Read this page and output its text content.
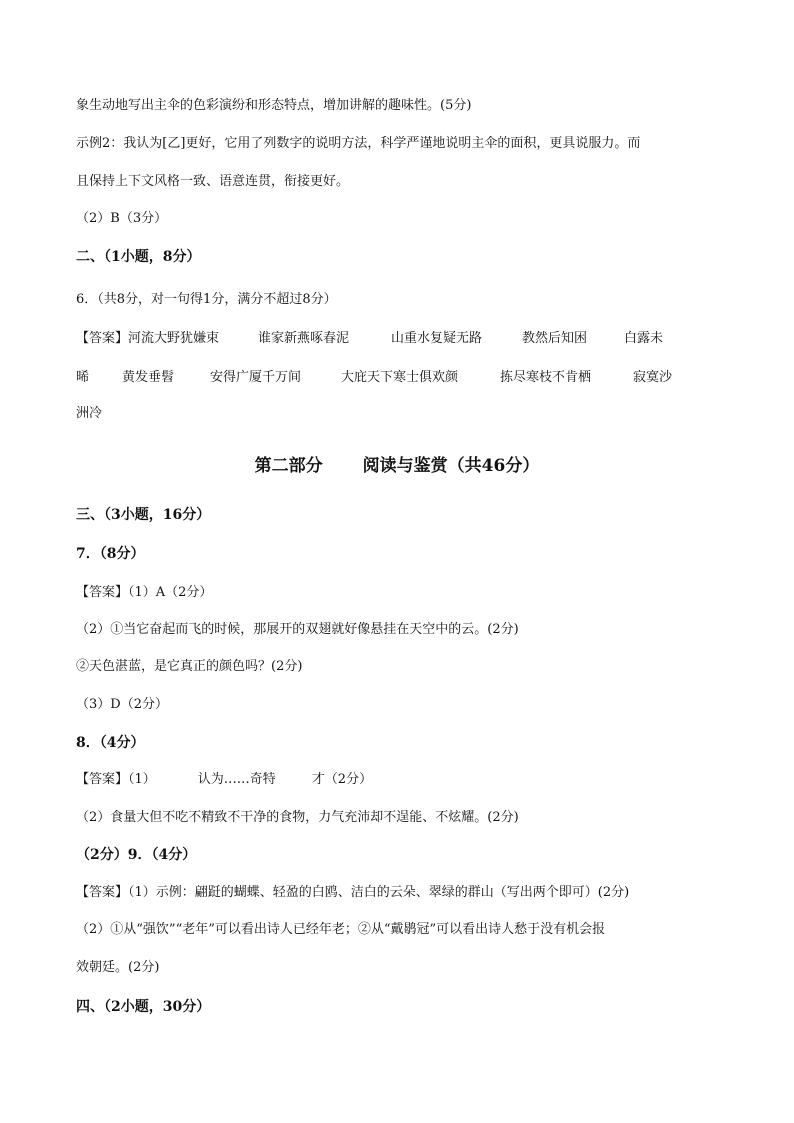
象生动地写出主伞的色彩演纷和形态特点，增加讲解的趣味性。(5分)
示例2：我认为[乙]更好，它用了列数字的说明方法，科学严谨地说明主伞的面积，更具说服力。而
且保持上下文风格一致、语意连贯，衔接更好。
（2）B（3分）
二、（1小题，8分）
6．（共8分，对一句得1分，满分不超过8分）
【答案】河流大野犹嫌束	谁家新燕啄春泥	山重水复疑无路	教然后知困	白露未
晞	黄发垂髫	安得广厦千万间	大庇天下寒士俱欢颜	拣尽寒枝不肯栖	寂寞沙
洲冷
第二部分 阅读与鉴赏（共46分）
三、（3小题，16分）
7．（8分）
【答案】（1）A（2分）
（2）①当它奋起而飞的时候，那展开的双翅就好像悬挂在天空中的云。(2分)
②天色湛蓝，是它真正的颜色吗？(2分)
（3）D（2分）
8．（4分）
【答案】（1）	认为……奇特	才（2分）
（2）食量大但不吃不精致不干净的食物，力气充沛却不逞能、不炫耀。(2分)
（2分）9．（4分）
【答案】（1）示例：翩跹的蝴蝶、轻盈的白鸥、洁白的云朵、翠绿的群山（写出两个即可）(2分)
（2）①从“强饮”“老年”可以看出诗人已经年老；②从“戴鹖冠”可以看出诗人愁于没有机会报
效朝廷。(2分)
四、（2小题，30分）
